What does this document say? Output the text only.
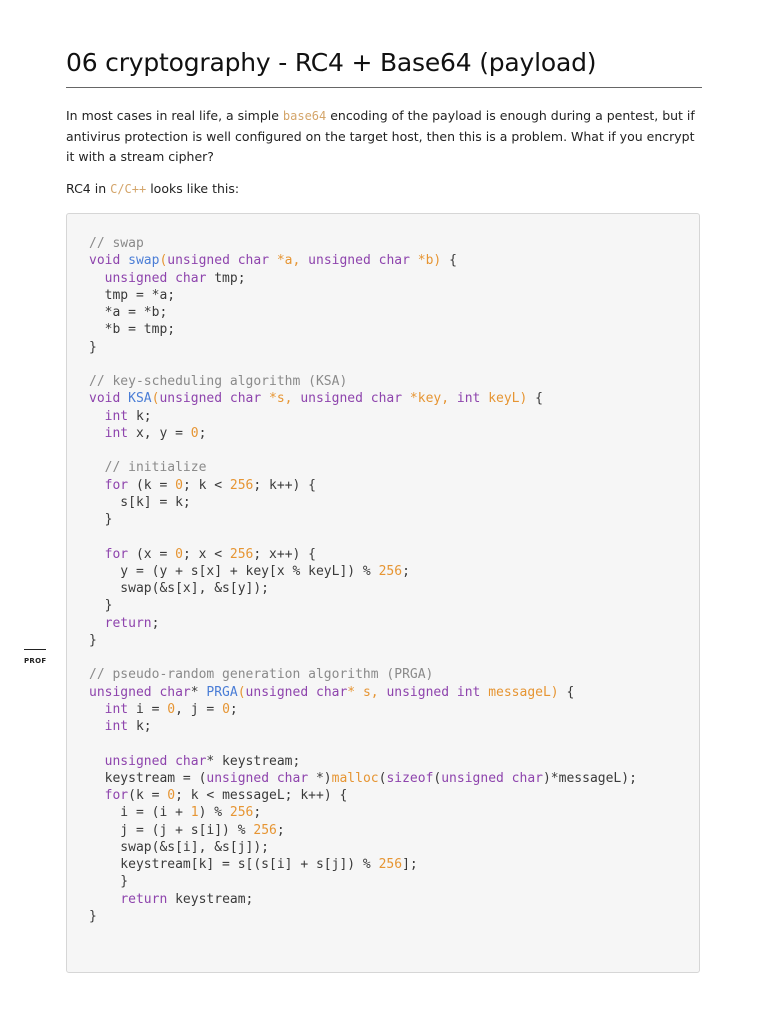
06 cryptography - RC4 + Base64 (payload)

In most cases in real life, a simple base64 encoding of the payload is enough during a pentest, but if antivirus protection is well configured on the target host, then this is a problem. What if you encrypt it with a stream cipher?

RC4 in C/C++ looks like this:

// swap
void swap(unsigned char *a, unsigned char *b) {
unsigned char tmp;
tmp = *a;
*a = *b;
*b = tmp;
}

// key-scheduling algorithm (KSA)
void KSA(unsigned char *s, unsigned char *key, int keyL) {
int k;
int x, y = 0;

// initialize
for (k = 0; k < 256; k++) {
s[k] = k;
}

for (x = 0; x < 256; x++) {
y = (y + s[x] + key[x % keyL]) % 256;
swap(&s[x], &s[y]);
}
return;
}

// pseudo-random generation algorithm (PRGA)
unsigned char* PRGA(unsigned char* s, unsigned int messageL) {
int i = 0, j = 0;
int k;

unsigned char* keystream;
keystream = (unsigned char *)malloc(sizeof(unsigned char)*messageL);
for(k = 0; k < messageL; k++) {
i = (i + 1) % 256;
j = (j + s[i]) % 256;
swap(&s[i], &s[j]);
keystream[k] = s[(s[i] + s[j]) % 256];
}
return keystream;
}
PROF
